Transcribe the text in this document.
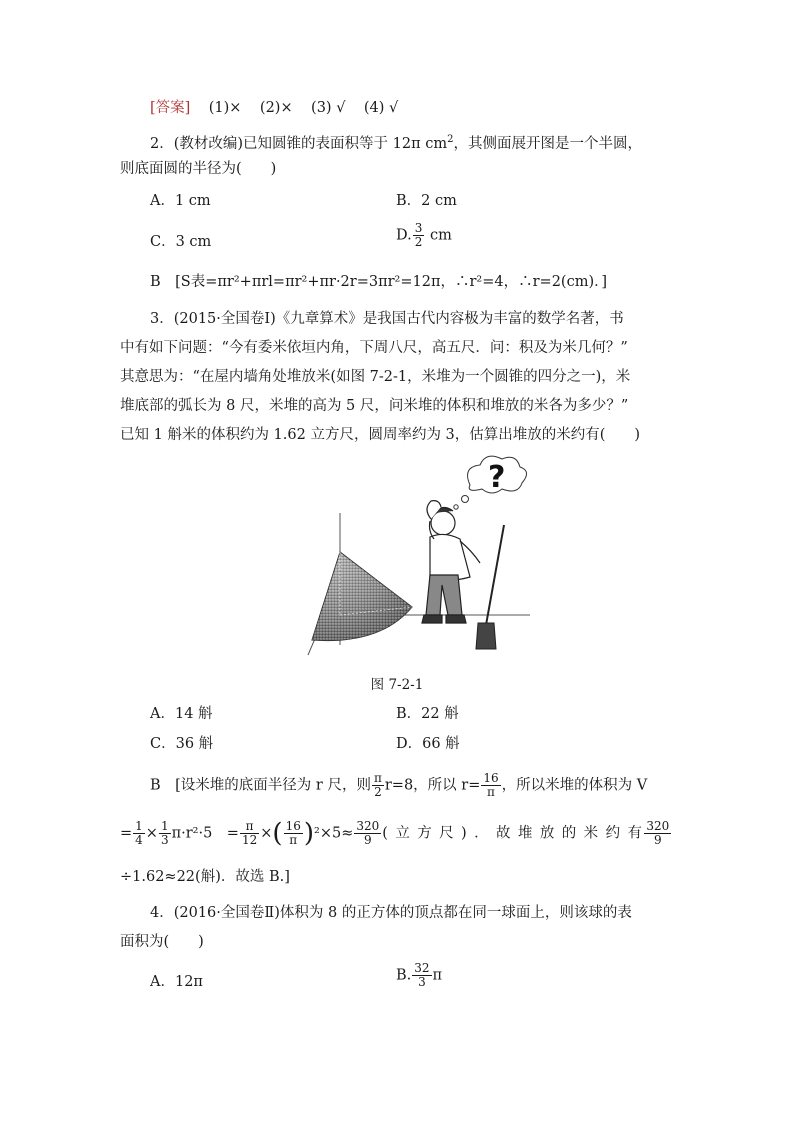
[答案] (1)× (2)× (3) √ (4) √
2．(教材改编)已知圆锥的表面积等于 12π $cm^2$，其侧面展开图是一个半圆，
则底面圆的半径为(　　)
A．1 cm	B．2 cm
C．3 cm	D. $\frac{3}{2}$ cm
B　[S表=πr²+πrl=πr²+πr·2r=3πr²=12π，∴r²=4，∴r=2(cm)．]
3．(2015·全国卷Ⅰ)《九章算术》是我国古代内容极为丰富的数学名著，书
中有如下问题：“今有委米依垣内角，下周八尺，高五尺．问：积及为米几何？”
其意思为：“在屋内墙角处堆放米(如图 7-2-1，米堆为一个圆锥的四分之一)，米
堆底部的弧长为 8 尺，米堆的高为 5 尺，问米堆的体积和堆放的米各为多少？”
已知 1 斛米的体积约为 1.62 立方尺，圆周率约为 3，估算出堆放的米约有(　　)
?
图 7-2-1
A．14 斛	B．22 斛
C．36 斛	D．66 斛
B　[设米堆的底面半径为 r 尺，则 $\frac{\pi}{2} r=8$，所以 $r= \frac{16}{\pi}$ ，所以米堆的体积为 V
= $\frac{1}{4} \times \frac{1}{3} \pi\cdot r^2\cdot 5$　= $\frac{\pi}{12}$ ×( $\frac{16}{\pi} )^2\times 5\approx \frac{320}{9}$ ( 立 方 尺 ) ． 故 堆 放 的 米 约 有 $\frac{320}{9}$
÷1.62≈22(斛)．故选 B.]
4．(2016·全国卷Ⅱ)体积为 8 的正方体的顶点都在同一球面上，则该球的表
面积为(　　)
A．12π	B. $\frac{32}{3}$ π
